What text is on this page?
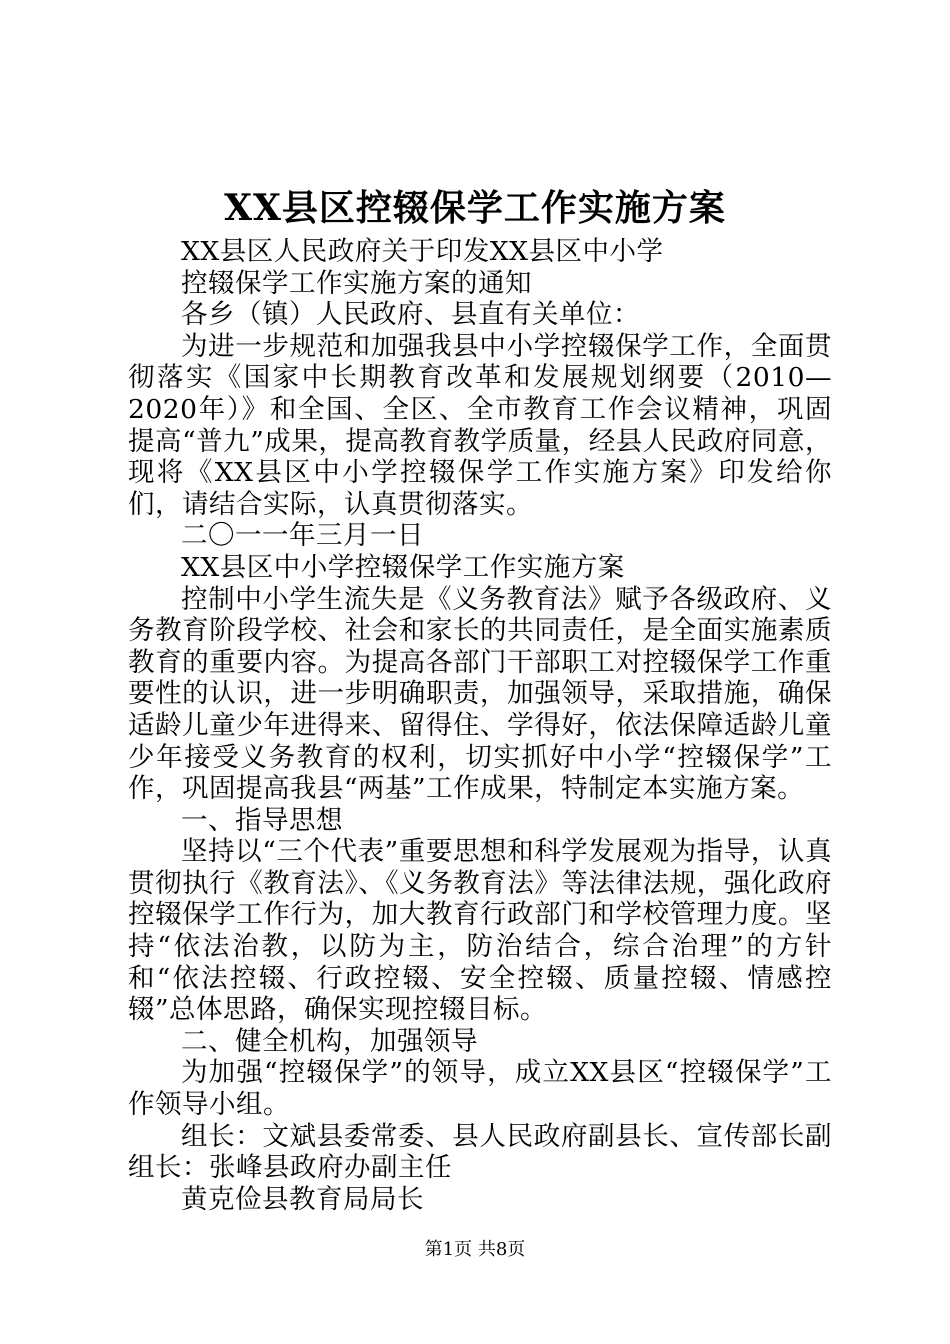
XX县区控辍保学工作实施方案

XX县区人民政府关于印发XX县区中小学

控辍保学工作实施方案的通知

各乡（镇）人民政府、县直有关单位：

为进一步规范和加强我县中小学控辍保学工作，全面贯彻落实《国家中长期教育改革和发展规划纲要（2010—2020年）》和全国、全区、全市教育工作会议精神，巩固提高“普九”成果，提高教育教学质量，经县人民政府同意，现将《XX县区中小学控辍保学工作实施方案》印发给你们，请结合实际，认真贯彻落实。

二〇一一年三月一日

XX县区中小学控辍保学工作实施方案

控制中小学生流失是《义务教育法》赋予各级政府、义务教育阶段学校、社会和家长的共同责任，是全面实施素质教育的重要内容。为提高各部门干部职工对控辍保学工作重要性的认识，进一步明确职责，加强领导，采取措施，确保适龄儿童少年进得来、留得住、学得好，依法保障适龄儿童少年接受义务教育的权利，切实抓好中小学“控辍保学”工作，巩固提高我县“两基”工作成果，特制定本实施方案。

一、指导思想

坚持以“三个代表”重要思想和科学发展观为指导，认真贯彻执行《教育法》、《义务教育法》等法律法规，强化政府控辍保学工作行为，加大教育行政部门和学校管理力度。坚持“依法治教，以防为主，防治结合，综合治理”的方针和“依法控辍、行政控辍、安全控辍、质量控辍、情感控辍”总体思路，确保实现控辍目标。

二、健全机构，加强领导

为加强“控辍保学”的领导，成立XX县区“控辍保学”工作领导小组。

组长：文斌县委常委、县人民政府副县长、宣传部长副组长：张峰县政府办副主任

黄克俭县教育局局长

第1页 共8页
